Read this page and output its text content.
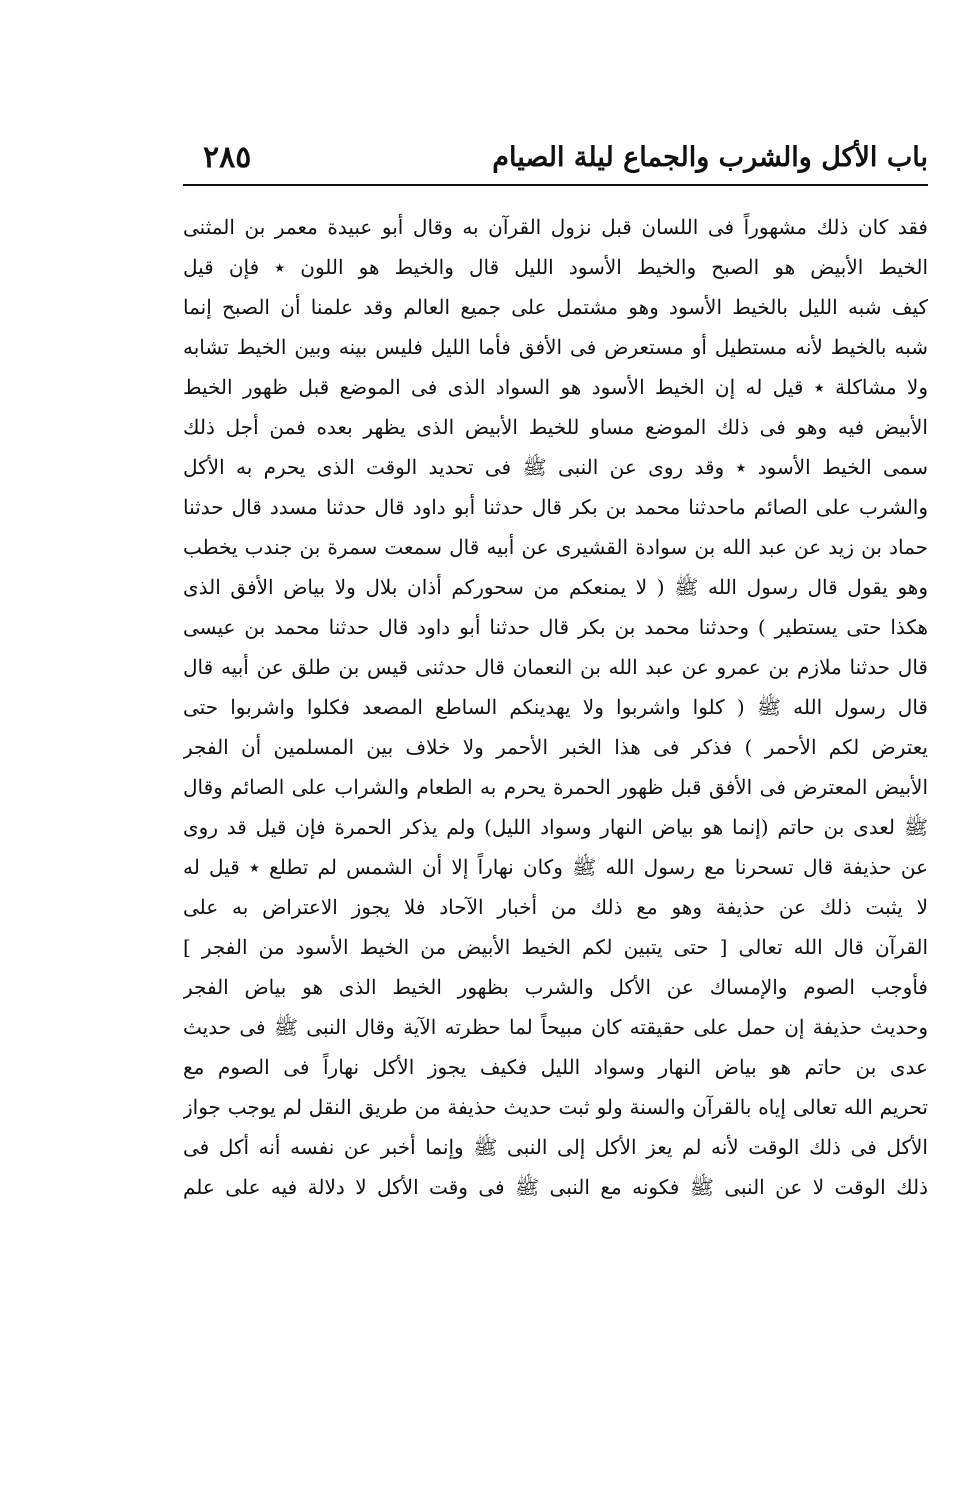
باب الأكل والشرب والجماع ليلة الصيام
٢٨٥
فقد كان ذلك مشهوراً فى اللسان قبل نزول القرآن به وقال أبو عبيدة معمر بن المثنى
الخيط الأبيض هو الصبح والخيط الأسود الليل قال والخيط هو اللون ٭ فإن قيل
كيف شبه الليل بالخيط الأسود وهو مشتمل على جميع العالم وقد علمنا أن الصبح إنما
شبه بالخيط لأنه مستطيل أو مستعرض فى الأفق فأما الليل فليس بينه وبين الخيط تشابه
ولا مشاكلة ٭ قيل له إن الخيط الأسود هو السواد الذى فى الموضع قبل ظهور الخيط
الأبيض فيه وهو فى ذلك الموضع مساو للخيط الأبيض الذى يظهر بعده فمن أجل ذلك
سمى الخيط الأسود ٭ وقد روى عن النبى ﷺ فى تحديد الوقت الذى يحرم به الأكل
والشرب على الصائم ماحدثنا محمد بن بكر قال حدثنا أبو داود قال حدثنا مسدد قال حدثنا
حماد بن زيد عن عبد الله بن سوادة القشيرى عن أبيه قال سمعت سمرة بن جندب يخطب
وهو يقول قال رسول الله ﷺ ( لا يمنعكم من سحوركم أذان بلال ولا بياض الأفق الذى
هكذا حتى يستطير ) وحدثنا محمد بن بكر قال حدثنا أبو داود قال حدثنا محمد بن عيسى
قال حدثنا ملازم بن عمرو عن عبد الله بن النعمان قال حدثنى قيس بن طلق عن أبيه قال
قال رسول الله ﷺ ( كلوا واشربوا ولا يهدينكم الساطع المصعد فكلوا واشربوا حتى
يعترض لكم الأحمر ) فذكر فى هذا الخبر الأحمر ولا خلاف بين المسلمين أن الفجر
الأبيض المعترض فى الأفق قبل ظهور الحمرة يحرم به الطعام والشراب على الصائم وقال
ﷺ لعدى بن حاتم (إنما هو بياض النهار وسواد الليل) ولم يذكر الحمرة فإن قيل قد روى
عن حذيفة قال تسحرنا مع رسول الله ﷺ وكان نهاراً إلا أن الشمس لم تطلع ٭ قيل له
لا يثبت ذلك عن حذيفة وهو مع ذلك من أخبار الآحاد فلا يجوز الاعتراض به على
القرآن قال الله تعالى [ حتى يتبين لكم الخيط الأبيض من الخيط الأسود من الفجر ]
فأوجب الصوم والإمساك عن الأكل والشرب بظهور الخيط الذى هو بياض الفجر
وحديث حذيفة إن حمل على حقيقته كان مبيحاً لما حظرته الآية وقال النبى ﷺ فى حديث
عدى بن حاتم هو بياض النهار وسواد الليل فكيف يجوز الأكل نهاراً فى الصوم مع
تحريم الله تعالى إياه بالقرآن والسنة ولو ثبت حديث حذيفة من طريق النقل لم يوجب جواز
الأكل فى ذلك الوقت لأنه لم يعز الأكل إلى النبى ﷺ وإنما أخبر عن نفسه أنه أكل فى
ذلك الوقت لا عن النبى ﷺ فكونه مع النبى ﷺ فى وقت الأكل لا دلالة فيه على علم
